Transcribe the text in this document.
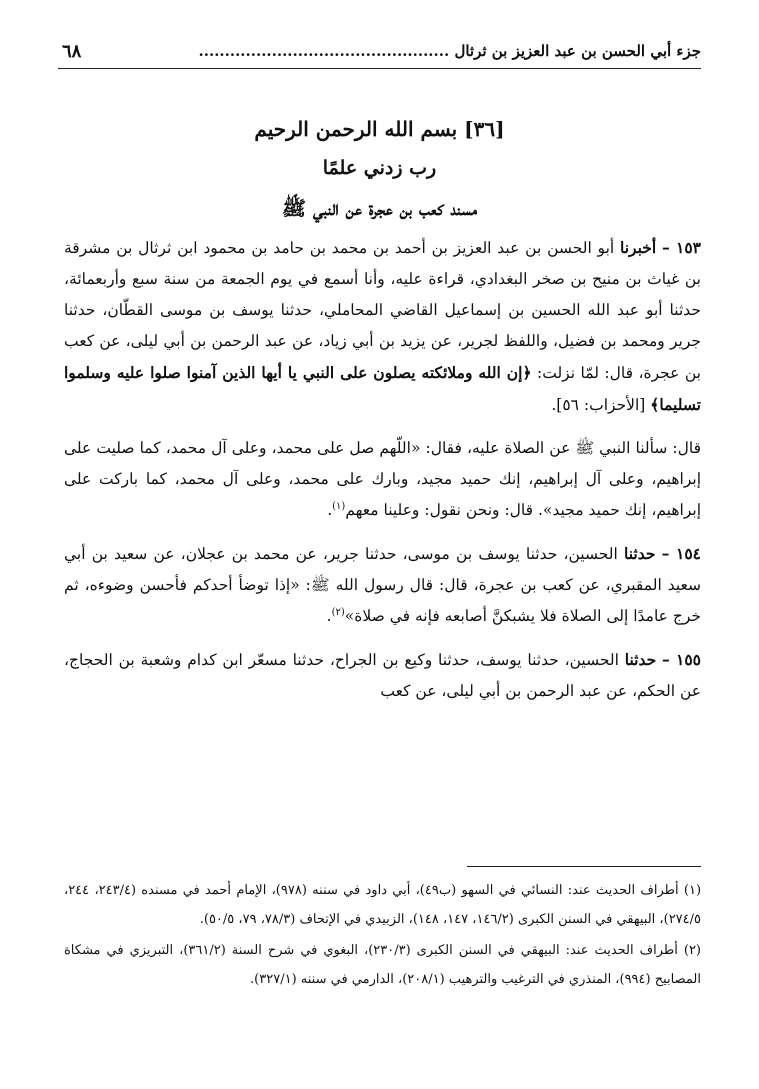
جزء أبي الحسن بن عبد العزيز بن ثرثال ................................................
٦٨
[٣٦] بسم الله الرحمن الرحيم
رب زدني علمًا
مسند كعب بن عجرة عن النبي ﷺ

١٥٣ – أخبرنا أبو الحسن بن عبد العزيز بن أحمد بن محمد بن حامد بن محمود ابن ثرثال بن مشرقة بن غياث بن منيح بن صخر البغدادي، قراءة عليه، وأنا أسمع في يوم الجمعة من سنة سبع وأربعمائة، حدثنا أبو عبد الله الحسين بن إسماعيل القاضي المحاملي، حدثنا يوسف بن موسى القطّان، حدثنا جرير ومحمد بن فضيل، واللفظ لجرير، عن يزيد بن أبي زياد، عن عبد الرحمن بن أبي ليلى، عن كعب بن عجرة، قال: لمّا نزلت: ﴿إن الله وملائكته يصلون على النبي يا أيها الذين آمنوا صلوا عليه وسلموا تسليما﴾ [الأحزاب: ٥٦].

قال: سألنا النبي ﷺ عن الصلاة عليه، فقال: «اللّهم صل على محمد، وعلى آل محمد، كما صليت على إبراهيم، وعلى آل إبراهيم، إنك حميد مجيد، وبارك على محمد، وعلى آل محمد، كما باركت على إبراهيم، إنك حميد مجيد». قال: ونحن نقول: وعلينا معهم$^{(١)}$.

١٥٤ – حدثنا الحسين، حدثنا يوسف بن موسى، حدثنا جرير، عن محمد بن عجلان، عن سعيد بن أبي سعيد المقبري، عن كعب بن عجرة، قال: قال رسول الله ﷺ: «إذا توضأ أحدكم فأحسن وضوءه، ثم خرج عامدًا إلى الصلاة فلا يشبكنَّ أصابعه فإنه في صلاة»$^{(٢)}$.

١٥٥ – حدثنا الحسين، حدثنا يوسف، حدثنا وكيع بن الجراح، حدثنا مسعّر ابن كدام وشعبة بن الحجاج، عن الحكم، عن عبد الرحمن بن أبي ليلى، عن كعب

(١) أطراف الحديث عند: النسائي في السهو (ب٤٩)، أبي داود في سننه (٩٧٨)، الإمام أحمد في مسنده (٢٤٣/٤، ٢٤٤، ٢٧٤/٥)، البيهقي في السنن الكبرى (١٤٦/٢، ١٤٧، ١٤٨)، الزبيدي في الإتحاف (٧٨/٣، ٧٩، ٥٠/٥).

(٢) أطراف الحديث عند: البيهقي في السنن الكبرى (٢٣٠/٣)، البغوي في شرح السنة (٣٦١/٢)، التبريزي في مشكاة المصابيح (٩٩٤)، المنذري في الترغيب والترهيب (٢٠٨/١)، الدارمي في سننه (٣٢٧/١).
